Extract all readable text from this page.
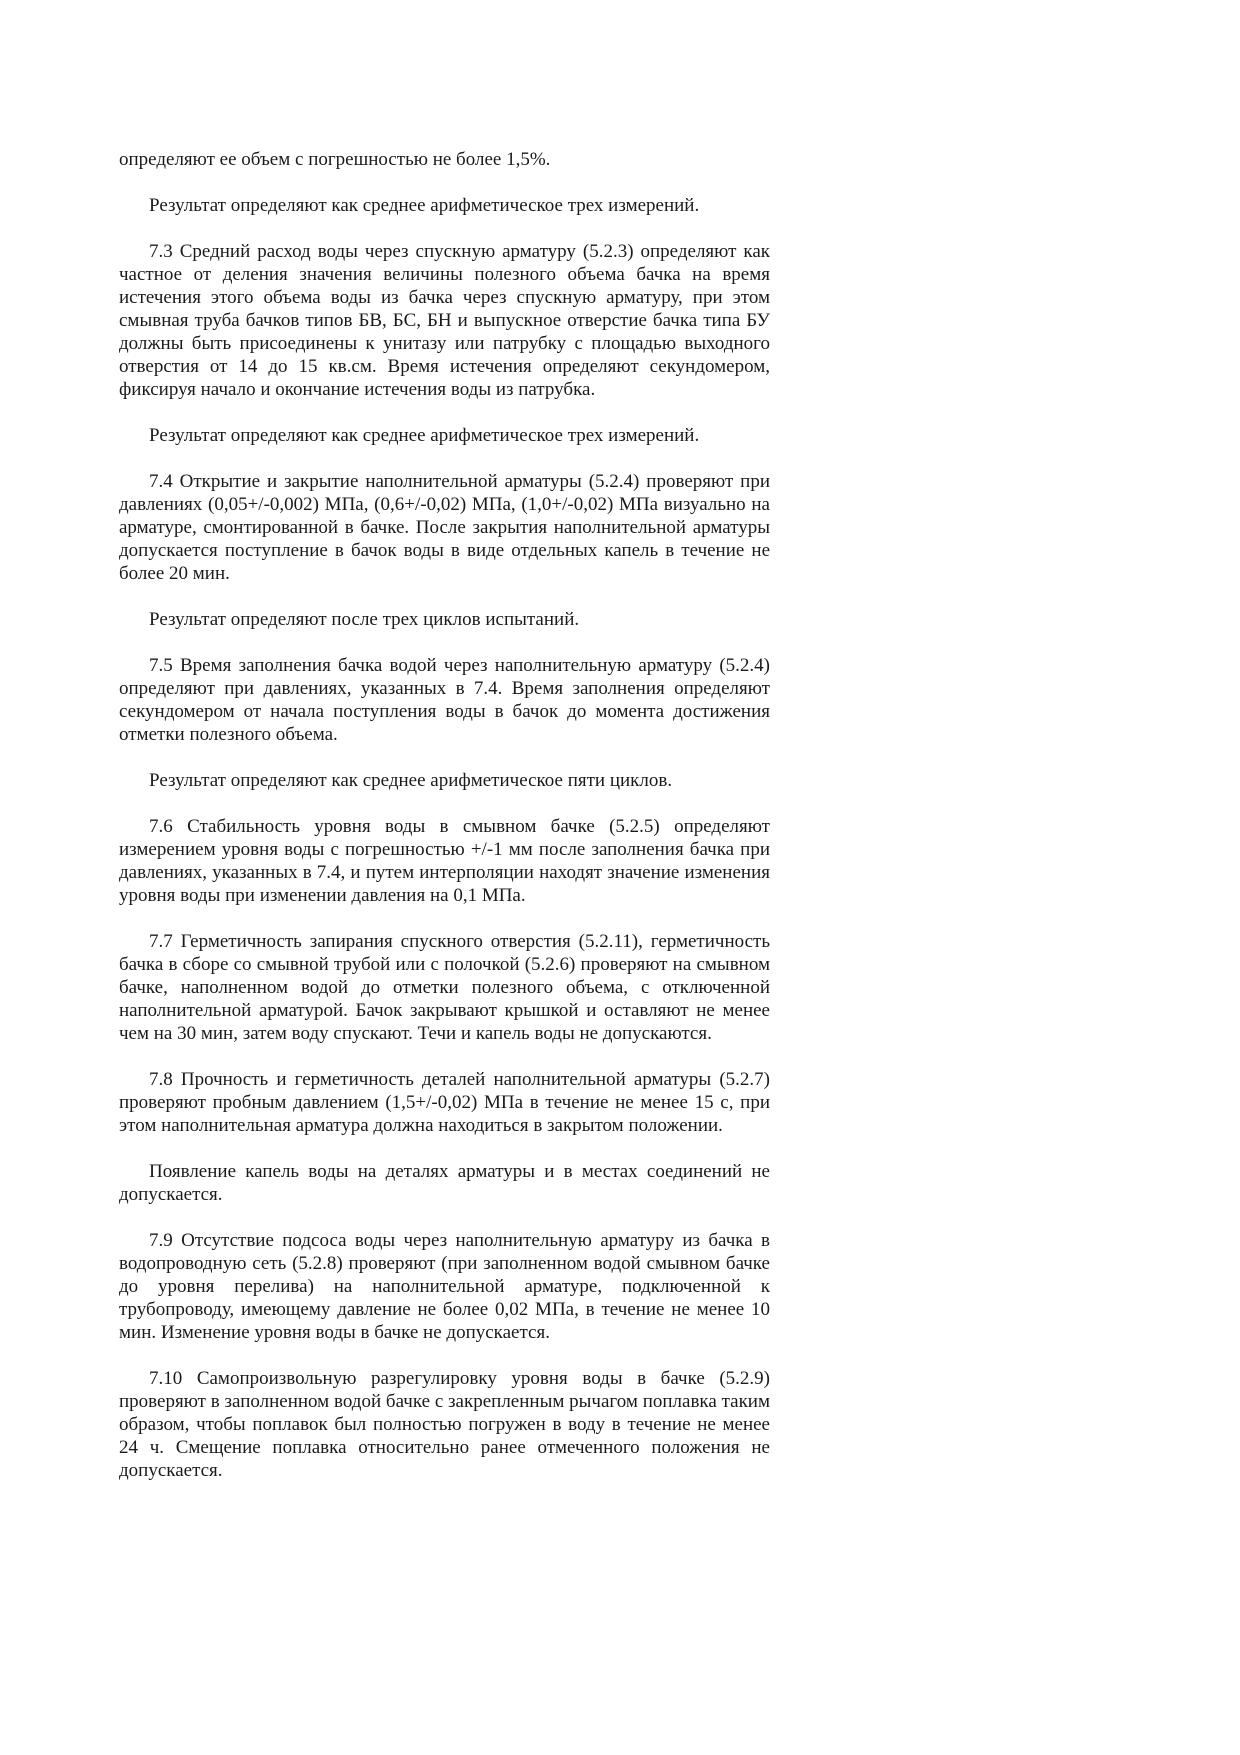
определяют ее объем с погрешностью не более 1,5%.

Результат определяют как среднее арифметическое трех измерений.

7.3 Средний расход воды через спускную арматуру (5.2.3) определяют как частное от деления значения величины полезного объема бачка на время истечения этого объема воды из бачка через спускную арматуру, при этом смывная труба бачков типов БВ, БС, БН и выпускное отверстие бачка типа БУ должны быть присоединены к унитазу или патрубку с площадью выходного отверстия от 14 до 15 кв.см. Время истечения определяют секундомером, фиксируя начало и окончание истечения воды из патрубка.

Результат определяют как среднее арифметическое трех измерений.

7.4 Открытие и закрытие наполнительной арматуры (5.2.4) проверяют при давлениях (0,05+/-0,002) МПа, (0,6+/-0,02) МПа, (1,0+/-0,02) МПа визуально на арматуре, смонтированной в бачке. После закрытия наполнительной арматуры допускается поступление в бачок воды в виде отдельных капель в течение не более 20 мин.

Результат определяют после трех циклов испытаний.

7.5 Время заполнения бачка водой через наполнительную арматуру (5.2.4) определяют при давлениях, указанных в 7.4. Время заполнения определяют секундомером от начала поступления воды в бачок до момента достижения отметки полезного объема.

Результат определяют как среднее арифметическое пяти циклов.

7.6 Стабильность уровня воды в смывном бачке (5.2.5) определяют измерением уровня воды с погрешностью +/-1 мм после заполнения бачка при давлениях, указанных в 7.4, и путем интерполяции находят значение изменения уровня воды при изменении давления на 0,1 МПа.

7.7 Герметичность запирания спускного отверстия (5.2.11), герметичность бачка в сборе со смывной трубой или с полочкой (5.2.6) проверяют на смывном бачке, наполненном водой до отметки полезного объема, с отключенной наполнительной арматурой. Бачок закрывают крышкой и оставляют не менее чем на 30 мин, затем воду спускают. Течи и капель воды не допускаются.

7.8 Прочность и герметичность деталей наполнительной арматуры (5.2.7) проверяют пробным давлением (1,5+/-0,02) МПа в течение не менее 15 с, при этом наполнительная арматура должна находиться в закрытом положении.

Появление капель воды на деталях арматуры и в местах соединений не допускается.

7.9 Отсутствие подсоса воды через наполнительную арматуру из бачка в водопроводную сеть (5.2.8) проверяют (при заполненном водой смывном бачке до уровня перелива) на наполнительной арматуре, подключенной к трубопроводу, имеющему давление не более 0,02 МПа, в течение не менее 10 мин. Изменение уровня воды в бачке не допускается.

7.10 Самопроизвольную разрегулировку уровня воды в бачке (5.2.9) проверяют в заполненном водой бачке с закрепленным рычагом поплавка таким образом, чтобы поплавок был полностью погружен в воду в течение не менее 24 ч. Смещение поплавка относительно ранее отмеченного положения не допускается.
